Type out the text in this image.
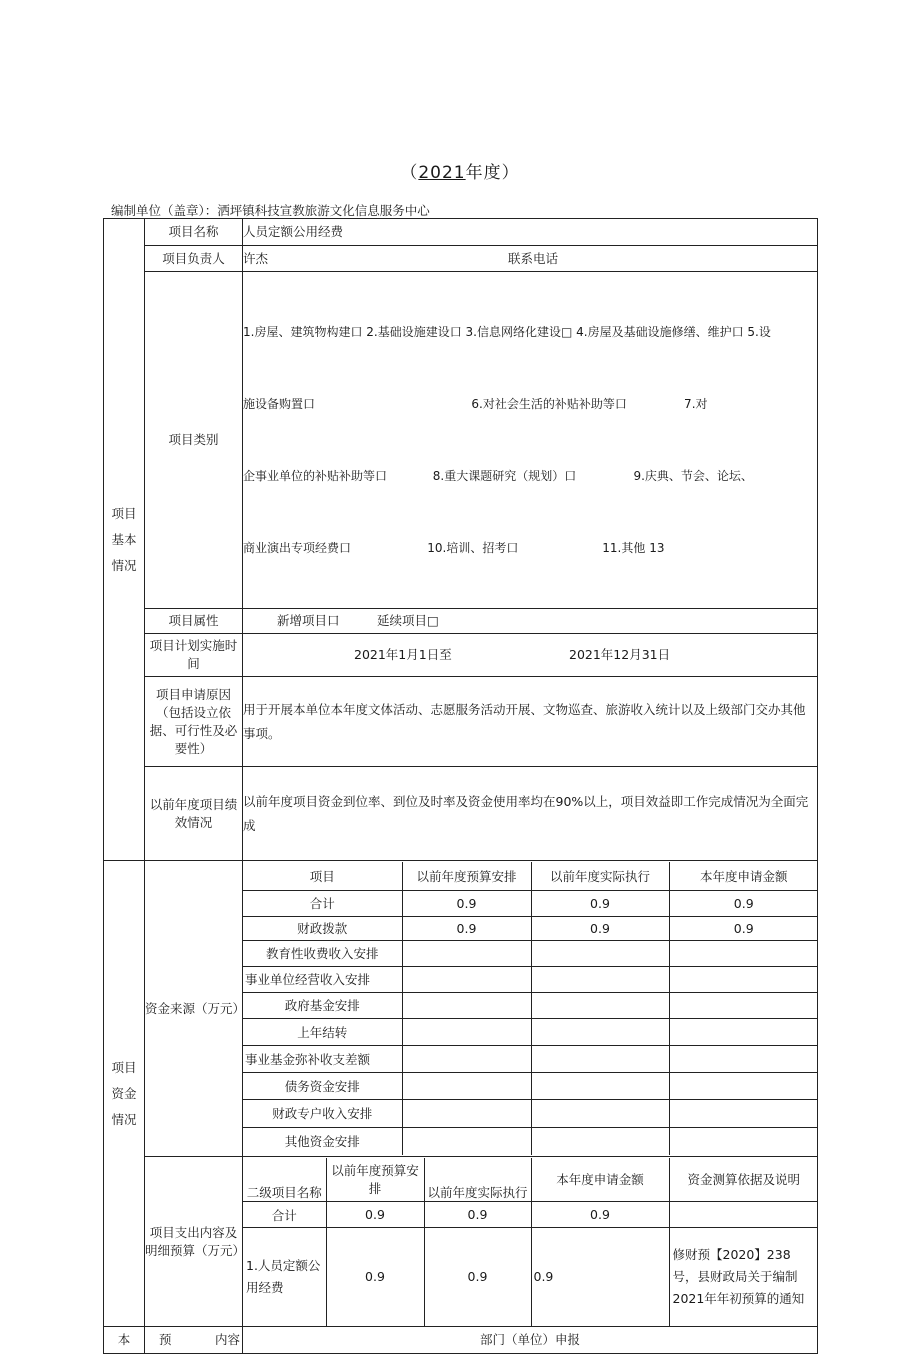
（2021年度）
编制单位（盖章）：洒坪镇科技宣教旅游文化信息服务中心
项目
基本
情况
	项目名称	人员定额公用经费
项目负责人	许杰	联系电话
项目类别	

1.房屋、建筑物构建口 2.基础设施建设口 3.信息网络化建设□ 4.房屋及基础设施修缮、维护口 5.设

施设备购置口                                         6.对社会生活的补贴补助等口               7.对

企事业单位的补贴补助等口            8.重大课题研究（规划）口               9.庆典、节会、论坛、

商业演出专项经费口                    10.培训、招考口                      11.其他 13

项目属性	新增项目口	延续项目□
项目计划实施时间	2021年1月1日至	2021年12月31日
项目申请原因（包括设立依据、可行性及必要性）	用于开展本单位本年度文体活动、志愿服务活动开展、文物巡查、旅游收入统计以及上级部门交办其他事项。
以前年度项目绩效情况	以前年度项目资金到位率、到位及时率及资金使用率均在90%以上，项目效益即工作完成情况为全面完成

项目
资金
情况
	资金来源（万元）	
项目	以前年度预算安排	以前年度实际执行	本年度申请金额
合计	0.9	0.9	0.9
财政拨款	0.9	0.9	0.9
教育性收费收入安排			
事业单位经营收入安排			
政府基金安排			
上年结转			
事业基金弥补收支差额			
债务资金安排			
财政专户收入安排			
其他资金安排			

项目支出内容及明细预算（万元）	
二级项目名称	以前年度预算安排	以前年度实际执行	本年度申请金额	资金测算依据及说明
合计	0.9	0.9	0.9	
1.人员定额公用经费	0.9	0.9	0.9	修财预【2020】238号，县财政局关于编制2021年年初预算的通知

本	预	内容	部门（单位）申报
